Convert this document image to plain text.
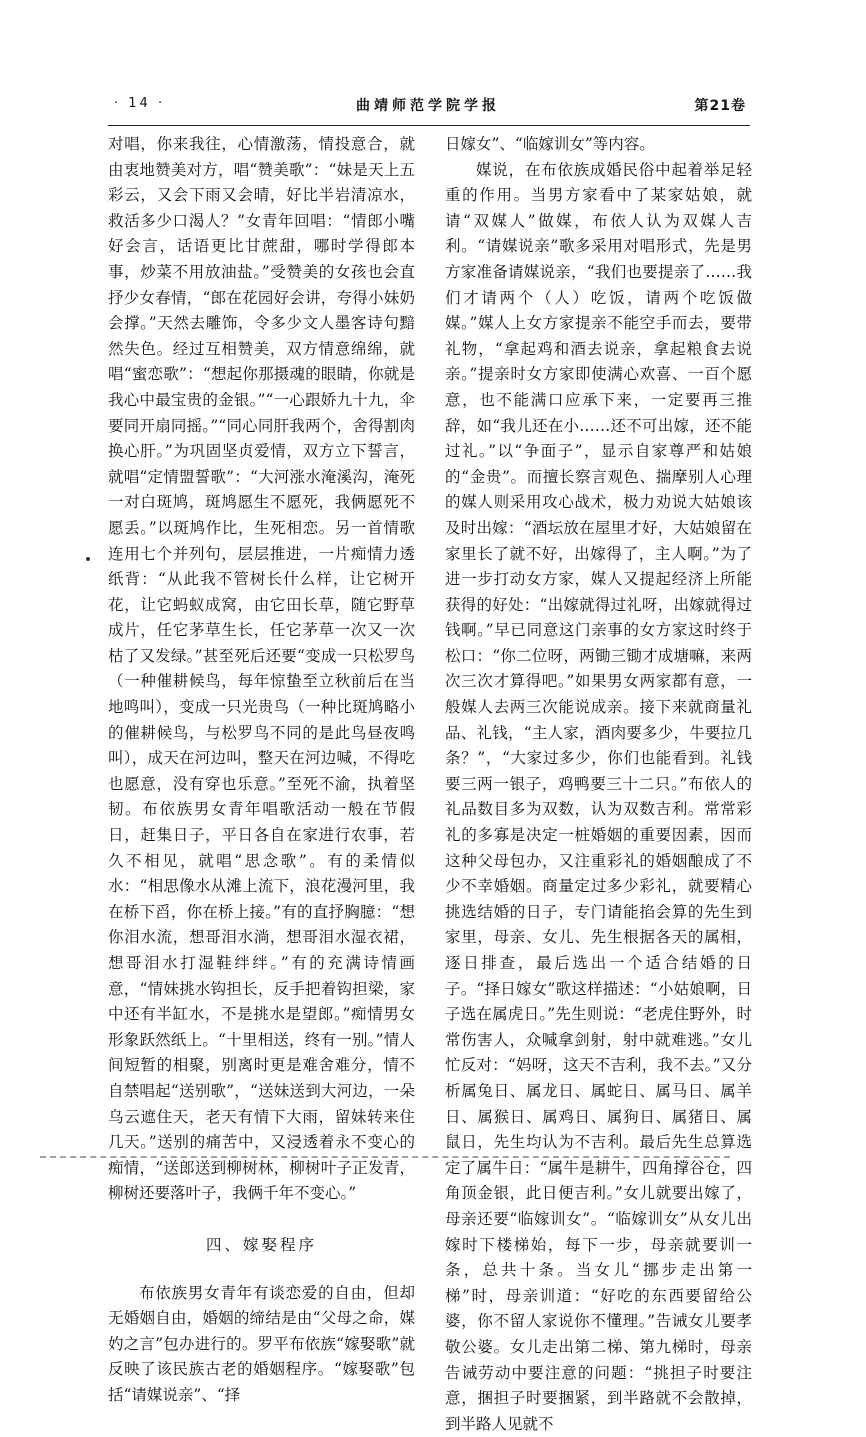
· 14 ·	曲靖师范学院学报	第21卷

对唱，你来我往，心情激荡，情投意合，就由衷地赞美对方，唱“赞美歌”：“妹是天上五彩云，又会下雨又会晴，好比半岩清凉水，救活多少口渴人？”女青年回唱：“情郎小嘴好会言，话语更比甘蔗甜，哪时学得郎本事，炒菜不用放油盐。”受赞美的女孩也会直抒少女春情，“郎在花园好会讲，夸得小妹奶会撑。”天然去雕饰，令多少文人墨客诗句黯然失色。经过互相赞美，双方情意绵绵，就唱“蜜恋歌”：“想起你那摄魂的眼睛，你就是我心中最宝贵的金银。”“一心跟娇九十九，伞要同开扇同摇。”“同心同肝我两个，舍得割肉换心肝。”为巩固坚贞爱情，双方立下誓言，就唱“定情盟誓歌”：“大河涨水淹溪沟，淹死一对白斑鸠，斑鸠愿生不愿死，我俩愿死不愿丢。”以斑鸠作比，生死相恋。另一首情歌连用七个并列句，层层推进，一片痴情力透纸背：“从此我不管树长什么样，让它树开花，让它蚂蚁成窝，由它田长草，随它野草成片，任它茅草生长，任它茅草一次又一次枯了又发绿。”甚至死后还要“变成一只松罗鸟（一种催耕候鸟，每年惊蛰至立秋前后在当地鸣叫），变成一只光贵鸟（一种比斑鸠略小的催耕候鸟，与松罗鸟不同的是此鸟昼夜鸣叫），成天在河边叫，整天在河边喊，不得吃也愿意，没有穿也乐意。”至死不渝，执着坚韧。布依族男女青年唱歌活动一般在节假日，赶集日子，平日各自在家进行农事，若久不相见，就唱“思念歌”。有的柔情似水：“相思像水从滩上流下，浪花漫河里，我在桥下舀，你在桥上接。”有的直抒胸臆：“想你泪水流，想哥泪水淌，想哥泪水湿衣裙，想哥泪水打湿鞋绊绊。”有的充满诗情画意，“情妹挑水钩担长，反手把着钩担梁，家中还有半缸水，不是挑水是望郎。”痴情男女形象跃然纸上。“十里相送，终有一别。”情人间短暂的相聚，别离时更是难舍难分，情不自禁唱起“送别歌”，“送妹送到大河边，一朵乌云遮住天，老天有情下大雨，留妹转来住几天。”送别的痛苦中，又浸透着永不变心的痴情，“送郎送到柳树林，柳树叶子正发青，柳树还要落叶子，我俩千年不变心。”

四、嫁娶程序

布依族男女青年有谈恋爱的自由，但却无婚姻自由，婚姻的缔结是由“父母之命，媒妁之言”包办进行的。罗平布依族“嫁娶歌”就反映了该民族古老的婚姻程序。“嫁娶歌”包括“请媒说亲”、“择

日嫁女”、“临嫁训女”等内容。

媒说，在布依族成婚民俗中起着举足轻重的作用。当男方家看中了某家姑娘，就请“双媒人”做媒，布依人认为双媒人吉利。“请媒说亲”歌多采用对唱形式，先是男方家准备请媒说亲，“我们也要提亲了……我们才请两个（人）吃饭，请两个吃饭做媒。”媒人上女方家提亲不能空手而去，要带礼物，“拿起鸡和酒去说亲，拿起粮食去说亲。”提亲时女方家即使满心欢喜、一百个愿意，也不能满口应承下来，一定要再三推辞，如“我儿还在小……还不可出嫁，还不能过礼。”以“争面子”，显示自家尊严和姑娘的“金贵”。而擅长察言观色、揣摩别人心理的媒人则采用攻心战术，极力劝说大姑娘该及时出嫁：“酒坛放在屋里才好，大姑娘留在家里长了就不好，出嫁得了，主人啊。”为了进一步打动女方家，媒人又提起经济上所能获得的好处：“出嫁就得过礼呀，出嫁就得过钱啊。”早已同意这门亲事的女方家这时终于松口：“你二位呀，两锄三锄才成塘嘛，来两次三次才算得吧。”如果男女两家都有意，一般媒人去两三次能说成亲。接下来就商量礼品、礼钱，“主人家，酒肉要多少，牛要拉几条？”，“大家过多少，你们也能看到。礼钱要三两一银子，鸡鸭要三十二只。”布依人的礼品数目多为双数，认为双数吉利。常常彩礼的多寡是决定一桩婚姻的重要因素，因而这种父母包办，又注重彩礼的婚姻酿成了不少不幸婚姻。商量定过多少彩礼，就要精心挑选结婚的日子，专门请能掐会算的先生到家里，母亲、女儿、先生根据各天的属相，逐日排查，最后选出一个适合结婚的日子。“择日嫁女”歌这样描述：“小姑娘啊，日子选在属虎日。”先生则说：“老虎住野外，时常伤害人，众喊拿剑射，射中就难逃。”女儿忙反对：“妈呀，这天不吉利，我不去。”又分析属兔日、属龙日、属蛇日、属马日、属羊日、属猴日、属鸡日、属狗日、属猪日、属鼠日，先生均认为不吉利。最后先生总算选定了属牛日：“属牛是耕牛，四角撑谷仓，四角顶金银，此日便吉利。”女儿就要出嫁了，母亲还要“临嫁训女”。“临嫁训女”从女儿出嫁时下楼梯始，每下一步，母亲就要训一条，总共十条。当女儿“挪步走出第一梯”时，母亲训道：“好吃的东西要留给公婆，你不留人家说你不懂理。”告诫女儿要孝敬公婆。女儿走出第二梯、第九梯时，母亲告诫劳动中要注意的问题：“挑担子时要注意，捆担子时要捆紧，到半路就不会散掉，到半路人见就不
